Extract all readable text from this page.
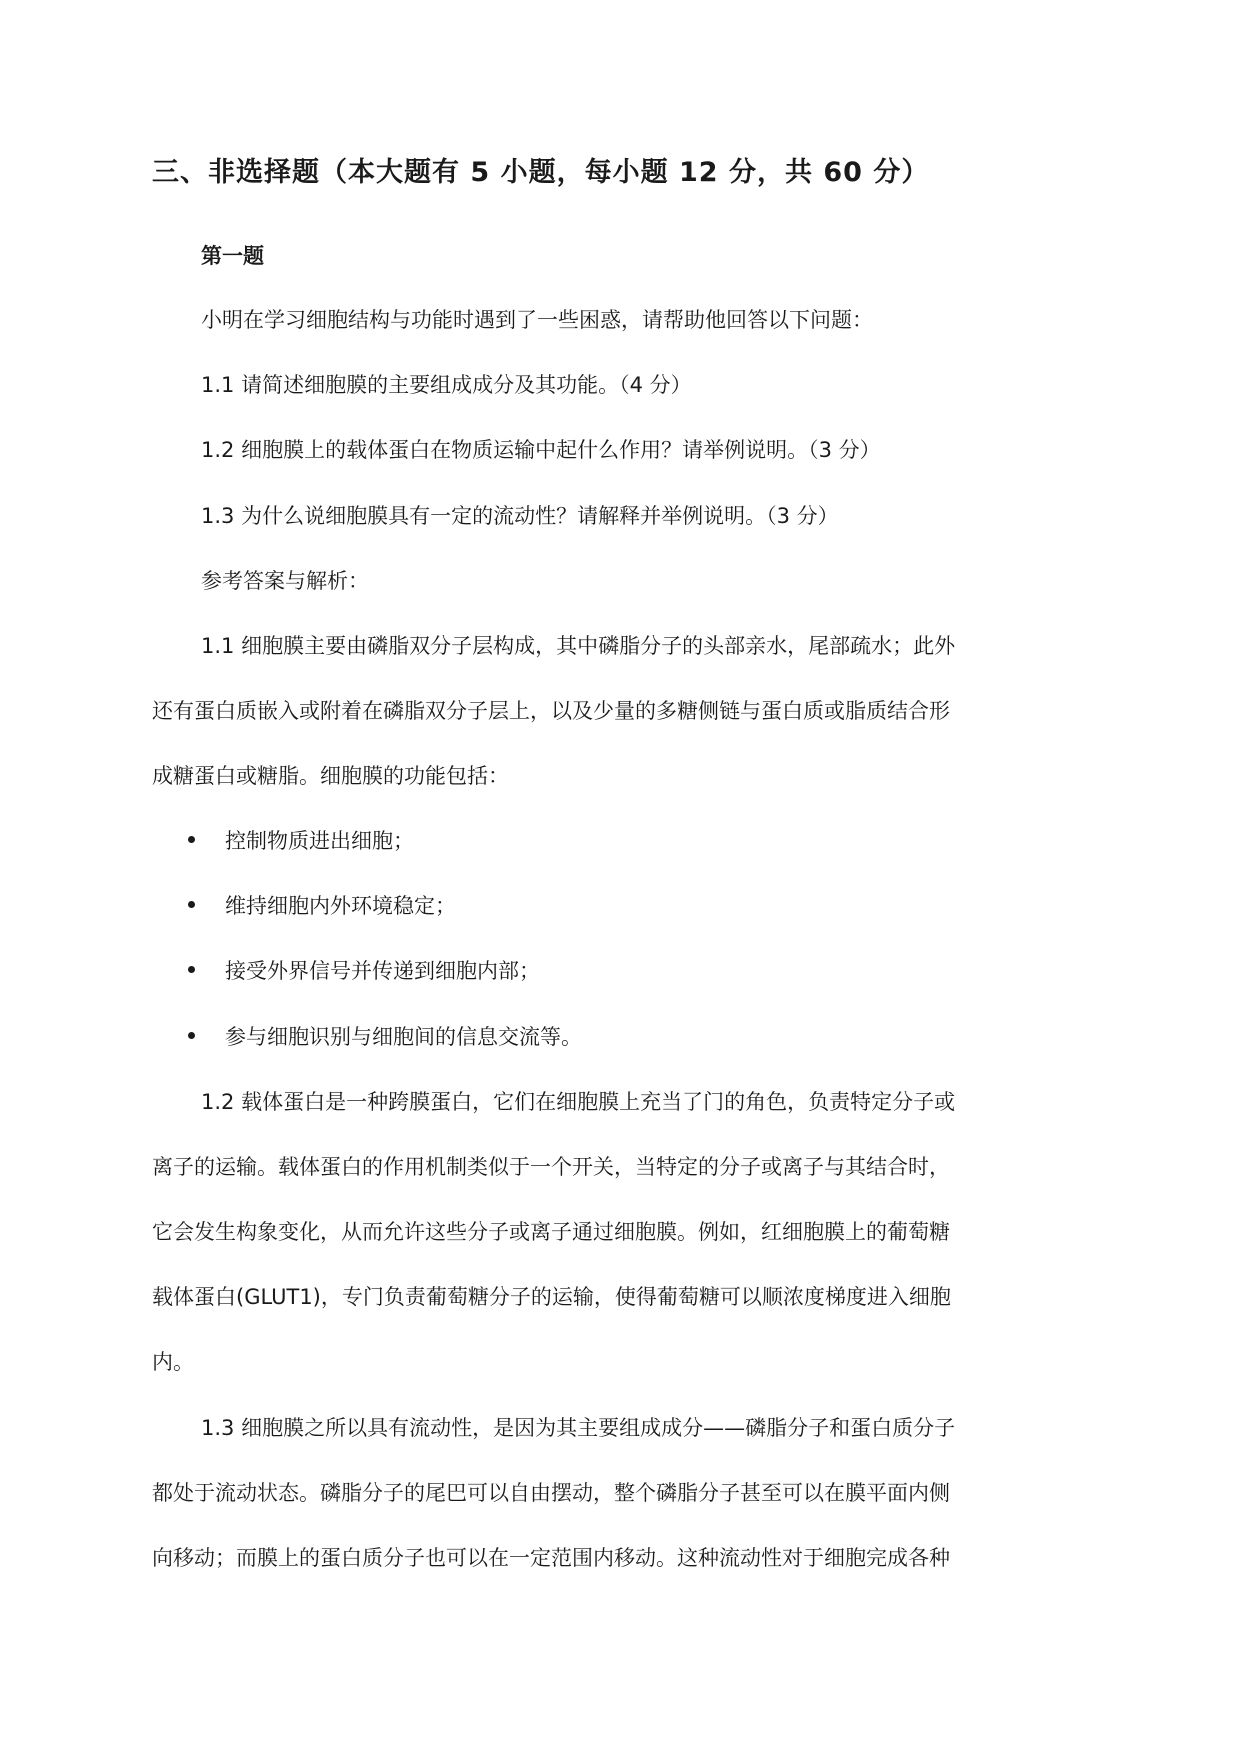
三、非选择题（本大题有 5 小题，每小题 12 分，共 60 分）
第一题

小明在学习细胞结构与功能时遇到了一些困惑，请帮助他回答以下问题：

1.1 请简述细胞膜的主要组成成分及其功能。（4 分）

1.2 细胞膜上的载体蛋白在物质运输中起什么作用？请举例说明。（3 分）

1.3 为什么说细胞膜具有一定的流动性？请解释并举例说明。（3 分）

参考答案与解析：

1.1 细胞膜主要由磷脂双分子层构成，其中磷脂分子的头部亲水，尾部疏水；此外

还有蛋白质嵌入或附着在磷脂双分子层上，以及少量的多糖侧链与蛋白质或脂质结合形

成糖蛋白或糖脂。细胞膜的功能包括：

控制物质进出细胞；
维持细胞内外环境稳定；
接受外界信号并传递到细胞内部；
参与细胞识别与细胞间的信息交流等。

1.2 载体蛋白是一种跨膜蛋白，它们在细胞膜上充当了门的角色，负责特定分子或

离子的运输。载体蛋白的作用机制类似于一个开关，当特定的分子或离子与其结合时，

它会发生构象变化，从而允许这些分子或离子通过细胞膜。例如，红细胞膜上的葡萄糖

载体蛋白(GLUT1)，专门负责葡萄糖分子的运输，使得葡萄糖可以顺浓度梯度进入细胞

内。

1.3 细胞膜之所以具有流动性，是因为其主要组成成分——磷脂分子和蛋白质分子

都处于流动状态。磷脂分子的尾巴可以自由摆动，整个磷脂分子甚至可以在膜平面内侧

向移动；而膜上的蛋白质分子也可以在一定范围内移动。这种流动性对于细胞完成各种
